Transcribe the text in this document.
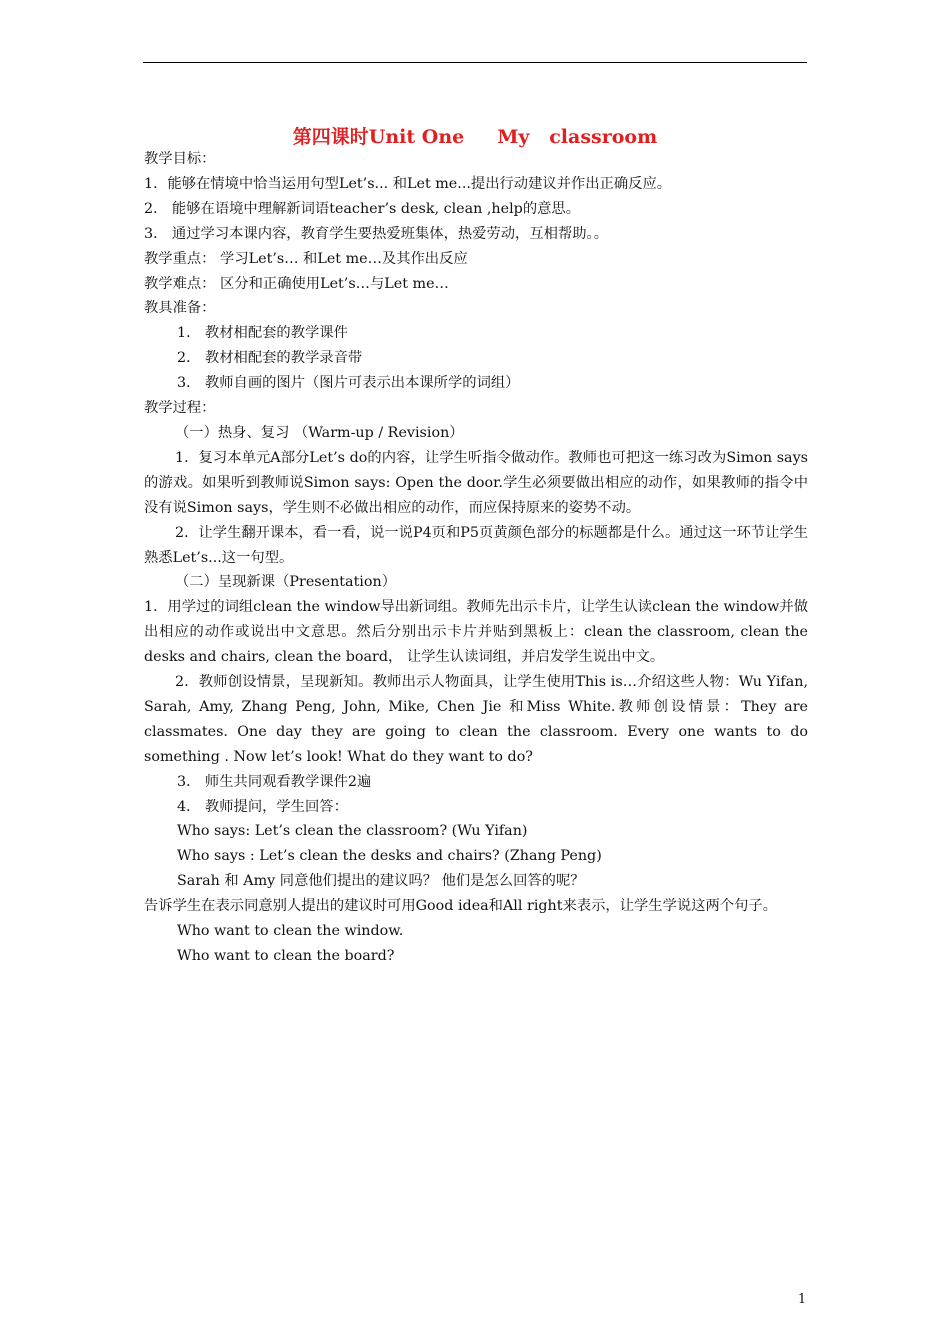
第四课时Unit One     My   classroom

教学目标：

1．能够在情境中恰当运用句型Let’s... 和Let me...提出行动建议并作出正确反应。

2． 能够在语境中理解新词语teacher’s desk, clean ,help的意思。

3． 通过学习本课内容，教育学生要热爱班集体，热爱劳动，互相帮助。。

教学重点： 学习Let’s… 和Let me…及其作出反应

教学难点： 区分和正确使用Let’s…与Let me…

教具准备：

1． 教材相配套的教学课件

2． 教材相配套的教学录音带

3． 教师自画的图片（图片可表示出本课所学的词组）

教学过程：

（一）热身、复习 （Warm-up / Revision）

1．复习本单元A部分Let’s do的内容，让学生听指令做动作。教师也可把这一练习改为Simon says的游戏。如果听到教师说Simon says: Open the door.学生必须要做出相应的动作，如果教师的指令中没有说Simon says，学生则不必做出相应的动作，而应保持原来的姿势不动。

2．让学生翻开课本，看一看，说一说P4页和P5页黄颜色部分的标题都是什么。通过这一环节让学生熟悉Let’s...这一句型。

（二）呈现新课（Presentation）

1．用学过的词组clean the window导出新词组。教师先出示卡片，让学生认读clean the window并做出相应的动作或说出中文意思。然后分别出示卡片并贴到黑板上：clean the classroom, clean the desks and chairs, clean the board， 让学生认读词组，并启发学生说出中文。

2．教师创设情景，呈现新知。教师出示人物面具，让学生使用This is…介绍这些人物：Wu Yifan, Sarah, Amy, Zhang Peng, John, Mike, Chen Jie 和Miss White.教师创设情景：They are classmates. One day they are going to clean the classroom. Every one wants to do something . Now let’s look! What do they want to do?

3． 师生共同观看教学课件2遍

4． 教师提问，学生回答：

Who says: Let’s clean the classroom? (Wu Yifan)

Who says : Let’s clean the desks and chairs? (Zhang Peng)

Sarah 和 Amy 同意他们提出的建议吗？ 他们是怎么回答的呢？

告诉学生在表示同意别人提出的建议时可用Good idea和All right来表示，让学生学说这两个句子。

Who want to clean the window.

Who want to clean the board?

1
